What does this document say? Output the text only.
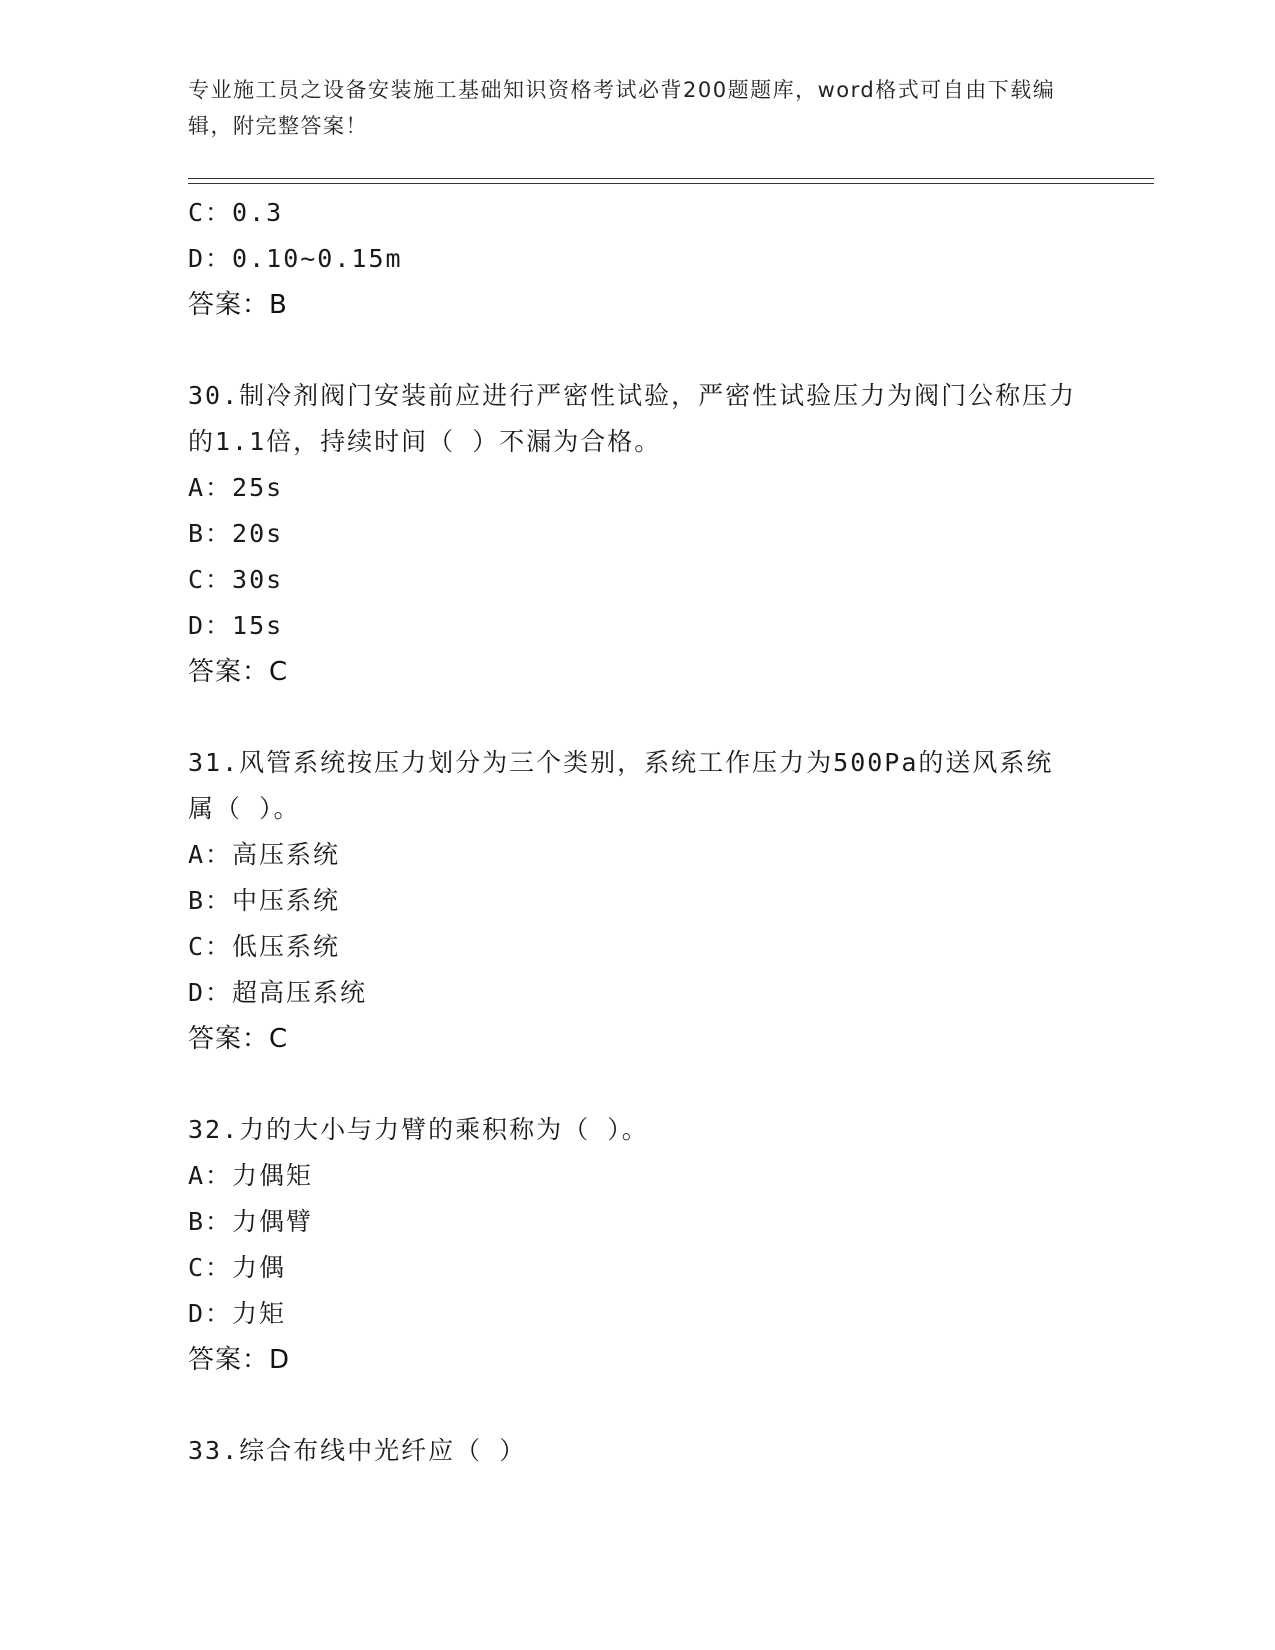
专业施工员之设备安装施工基础知识资格考试必背200题题库，word格式可自由下载编辑，附完整答案！
C：0.3
D：0.10~0.15m
答案：B
30.制冷剂阀门安装前应进行严密性试验，严密性试验压力为阀门公称压力的1.1倍，持续时间（ ）不漏为合格。
A：25s
B：20s
C：30s
D：15s
答案：C
31.风管系统按压力划分为三个类别，系统工作压力为500Pa的送风系统属（ ）。
A：高压系统
B：中压系统
C：低压系统
D：超高压系统
答案：C
32.力的大小与力臂的乘积称为（ ）。
A：力偶矩
B：力偶臂
C：力偶
D：力矩
答案：D
33.综合布线中光纤应（ ）
